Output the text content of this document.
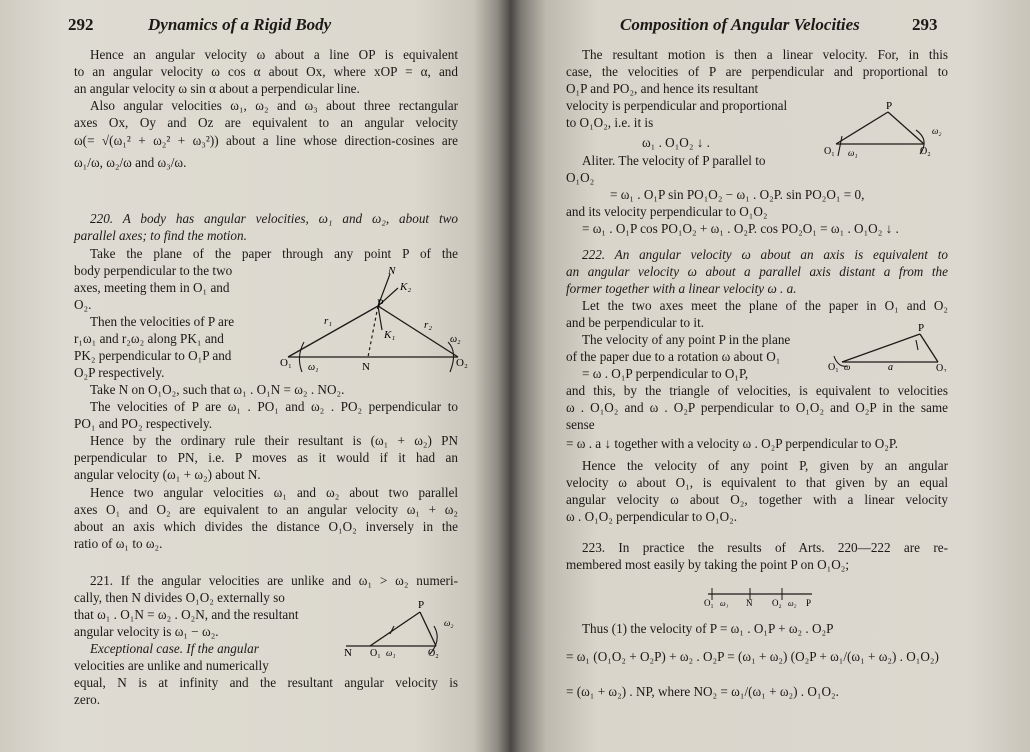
292	Dynamics of a Rigid Body
Hence an angular velocity ω about a line OP is equivalent
to an angular velocity ω cos α about Ox, where xOP = α, and
an angular velocity ω sin α about a perpendicular line.
Also angular velocities ω₁, ω₂ and ω₃ about three rectangular
axes Ox, Oy and Oz are equivalent to an angular velocity
ω(= √(ω₁² + ω₂² + ω₃²)) about a line whose direction-cosines are
ω₁/ω, ω₂/ω and ω₃/ω.
220. A body has angular velocities, ω₁ and ω₂, about two
parallel axes; to find the motion.
Take the plane of the paper through any point P of the
body perpendicular to the two
axes, meeting them in O₁ and
O₂.
Then the velocities of P are
r₁ω₁ and r₂ω₂ along PK₁ and
PK₂ perpendicular to O₁P and
O₂P respectively.
P
N
K₂
K₁
N
O₁	O₂
r₁	r₂
ω₁
ω₂
Take N on O₁O₂, such that ω₁ . O₁N = ω₂ . NO₂.
The velocities of P are ω₁ . PO₁ and ω₂ . PO₂ perpendicular to
PO₁ and PO₂ respectively.
Hence by the ordinary rule their resultant is (ω₁ + ω₂) PN
perpendicular to PN, i.e. P moves as it would if it had an
angular velocity (ω₁ + ω₂) about N.
Hence two angular velocities ω₁ and ω₂ about two parallel
axes O₁ and O₂ are equivalent to an angular velocity ω₁ + ω₂
about an axis which divides the distance O₁O₂ inversely in the
ratio of ω₁ to ω₂.
221. If the angular velocities are unlike and ω₁ > ω₂ numeri-
cally, then N divides O₁O₂ externally so
that ω₁ . O₁N = ω₂ . O₂N, and the resultant
angular velocity is ω₁ − ω₂.
Exceptional case. If the angular
velocities are unlike and numerically
equal, N is at infinity and the resultant angular velocity is
zero.
P
N O₁	O₂
ω₁
ω₂
Composition of Angular Velocities	293
The resultant motion is then a linear velocity. For, in this
case, the velocities of P are perpendicular and proportional to
O₁P and PO₂, and hence its resultant
velocity is perpendicular and proportional
to O₁O₂, i.e. it is
ω₁ . O₁O₂ ↓ .
Aliter. The velocity of P parallel to
O₁O₂
= ω₁ . O₁P sin PO₁O₂ − ω₁ . O₂P. sin PO₂O₁ = 0,
and its velocity perpendicular to O₁O₂
= ω₁ . O₁P cos PO₁O₂ + ω₁ . O₂P. cos PO₂O₁ = ω₁ . O₁O₂ ↓ .
P
O₁	O₂
ω₁
ω₂
222. An angular velocity ω about an axis is equivalent to
an angular velocity ω about a parallel axis distant a from the
former together with a linear velocity ω . a.
Let the two axes meet the plane of the paper in O₁ and O₂
and be perpendicular to it.
The velocity of any point P in the plane
of the paper due to a rotation ω about O₁
= ω . O₁P perpendicular to O₁P,
and this, by the triangle of velocities, is equivalent to velocities
ω . O₁O₂ and ω . O₂P perpendicular to O₁O₂ and O₂P in the same
sense
= ω . a ↓ together with a velocity ω . O₂P perpendicular to O₂P.
Hence the velocity of any point P, given by an angular
velocity ω about O₁, is equivalent to that given by an equal
angular velocity ω about O₂, together with a linear velocity
ω . O₁O₂ perpendicular to O₁O₂.
P
O₁	O₂
ω	a
223. In practice the results of Arts. 220—222 are re-
membered most easily by taking the point P on O₁O₂;
O₁ ω₁ N O₂ ω₂ P
Thus (1) the velocity of P = ω₁ . O₁P + ω₂ . O₂P
= ω₁ (O₁O₂ + O₂P) + ω₂ . O₂P = (ω₁ + ω₂) (O₂P + ω₁/(ω₁ + ω₂) . O₁O₂)
= (ω₁ + ω₂) . NP, where NO₂ = ω₁/(ω₁ + ω₂) . O₁O₂.
